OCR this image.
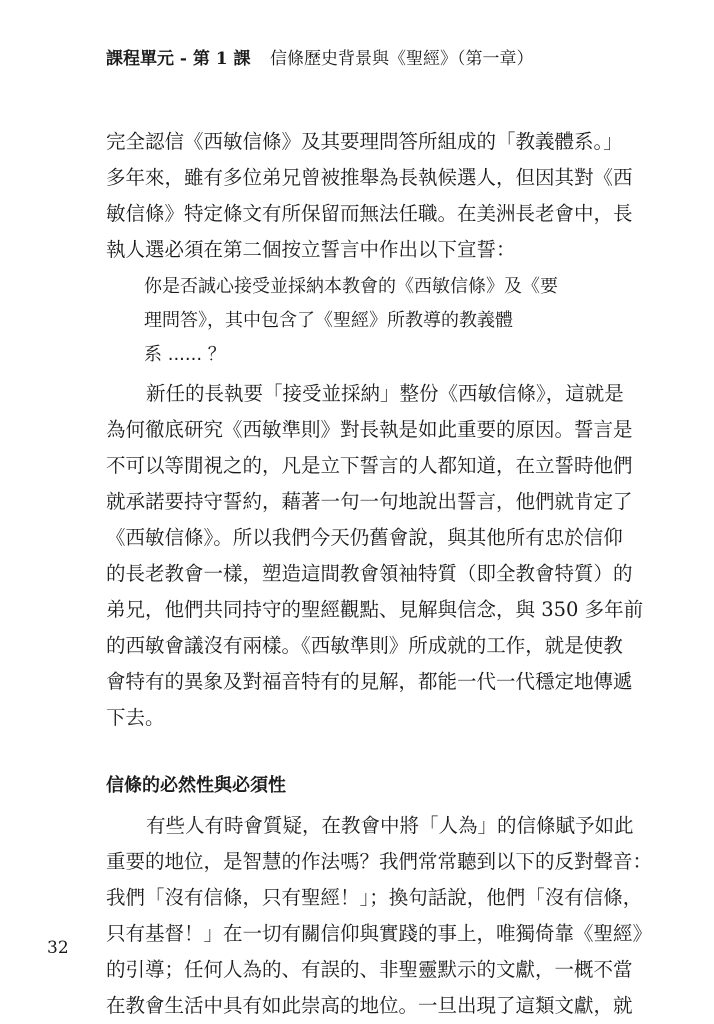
課程單元 - 第 1 課 信條歷史背景與《聖經》（第一章）
完全認信《西敏信條》及其要理問答所組成的「教義體系。」
多年來，雖有多位弟兄曾被推舉為長執候選人，但因其對《西
敏信條》特定條文有所保留而無法任職。在美洲長老會中，長
執人選必須在第二個按立誓言中作出以下宣誓：
你是否誠心接受並採納本教會的《西敏信條》及《要
理問答》，其中包含了《聖經》所教導的教義體
系 ...... ？
新任的長執要「接受並採納」整份《西敏信條》，這就是
為何徹底研究《西敏準則》對長執是如此重要的原因。誓言是
不可以等閒視之的，凡是立下誓言的人都知道，在立誓時他們
就承諾要持守誓約，藉著一句一句地說出誓言，他們就肯定了
《西敏信條》。所以我們今天仍舊會說，與其他所有忠於信仰
的長老教會一樣，塑造這間教會領袖特質（即全教會特質）的
弟兄，他們共同持守的聖經觀點、見解與信念，與 350 多年前
的西敏會議沒有兩樣。《西敏準則》所成就的工作，就是使教
會特有的異象及對福音特有的見解，都能一代一代穩定地傳遞
下去。
信條的必然性與必須性
有些人有時會質疑，在教會中將「人為」的信條賦予如此
重要的地位，是智慧的作法嗎？我們常常聽到以下的反對聲音：
我們「沒有信條，只有聖經！」；換句話說，他們「沒有信條，
只有基督！」在一切有關信仰與實踐的事上，唯獨倚靠《聖經》
的引導；任何人為的、有誤的、非聖靈默示的文獻，一概不當
在教會生活中具有如此崇高的地位。一旦出現了這類文獻，就
32
